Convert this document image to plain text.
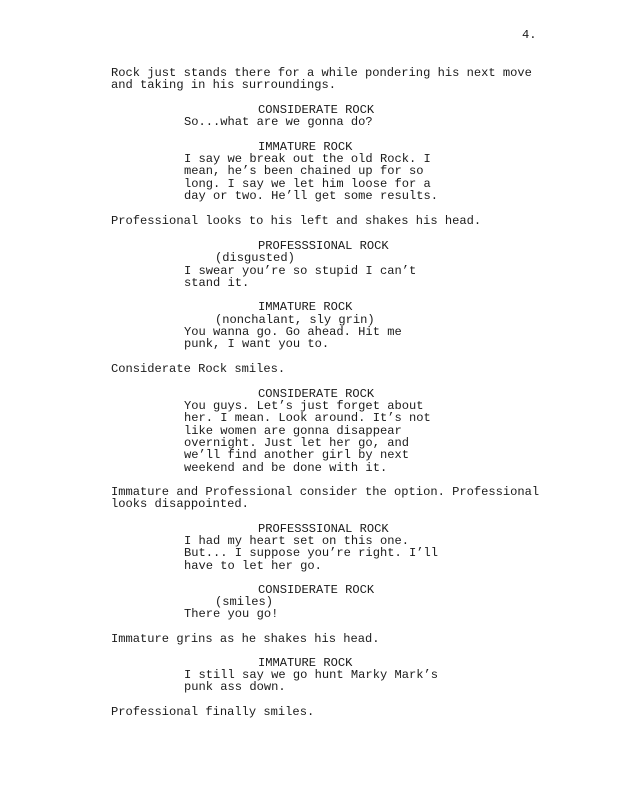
4.
Rock just stands there for a while pondering his next move
and taking in his surroundings.
CONSIDERATE ROCK
So...what are we gonna do?
IMMATURE ROCK
I say we break out the old Rock. I
mean, he’s been chained up for so
long. I say we let him loose for a
day or two. He’ll get some results.
Professional looks to his left and shakes his head.
PROFESSSIONAL ROCK
(disgusted)
I swear you’re so stupid I can’t
stand it.
IMMATURE ROCK
(nonchalant, sly grin)
You wanna go. Go ahead. Hit me
punk, I want you to.
Considerate Rock smiles.
CONSIDERATE ROCK
You guys. Let’s just forget about
her. I mean. Look around. It’s not
like women are gonna disappear
overnight. Just let her go, and
we’ll find another girl by next
weekend and be done with it.
Immature and Professional consider the option. Professional
looks disappointed.
PROFESSSIONAL ROCK
I had my heart set on this one.
But... I suppose you’re right. I’ll
have to let her go.
CONSIDERATE ROCK
(smiles)
There you go!
Immature grins as he shakes his head.
IMMATURE ROCK
I still say we go hunt Marky Mark’s
punk ass down.
Professional finally smiles.
